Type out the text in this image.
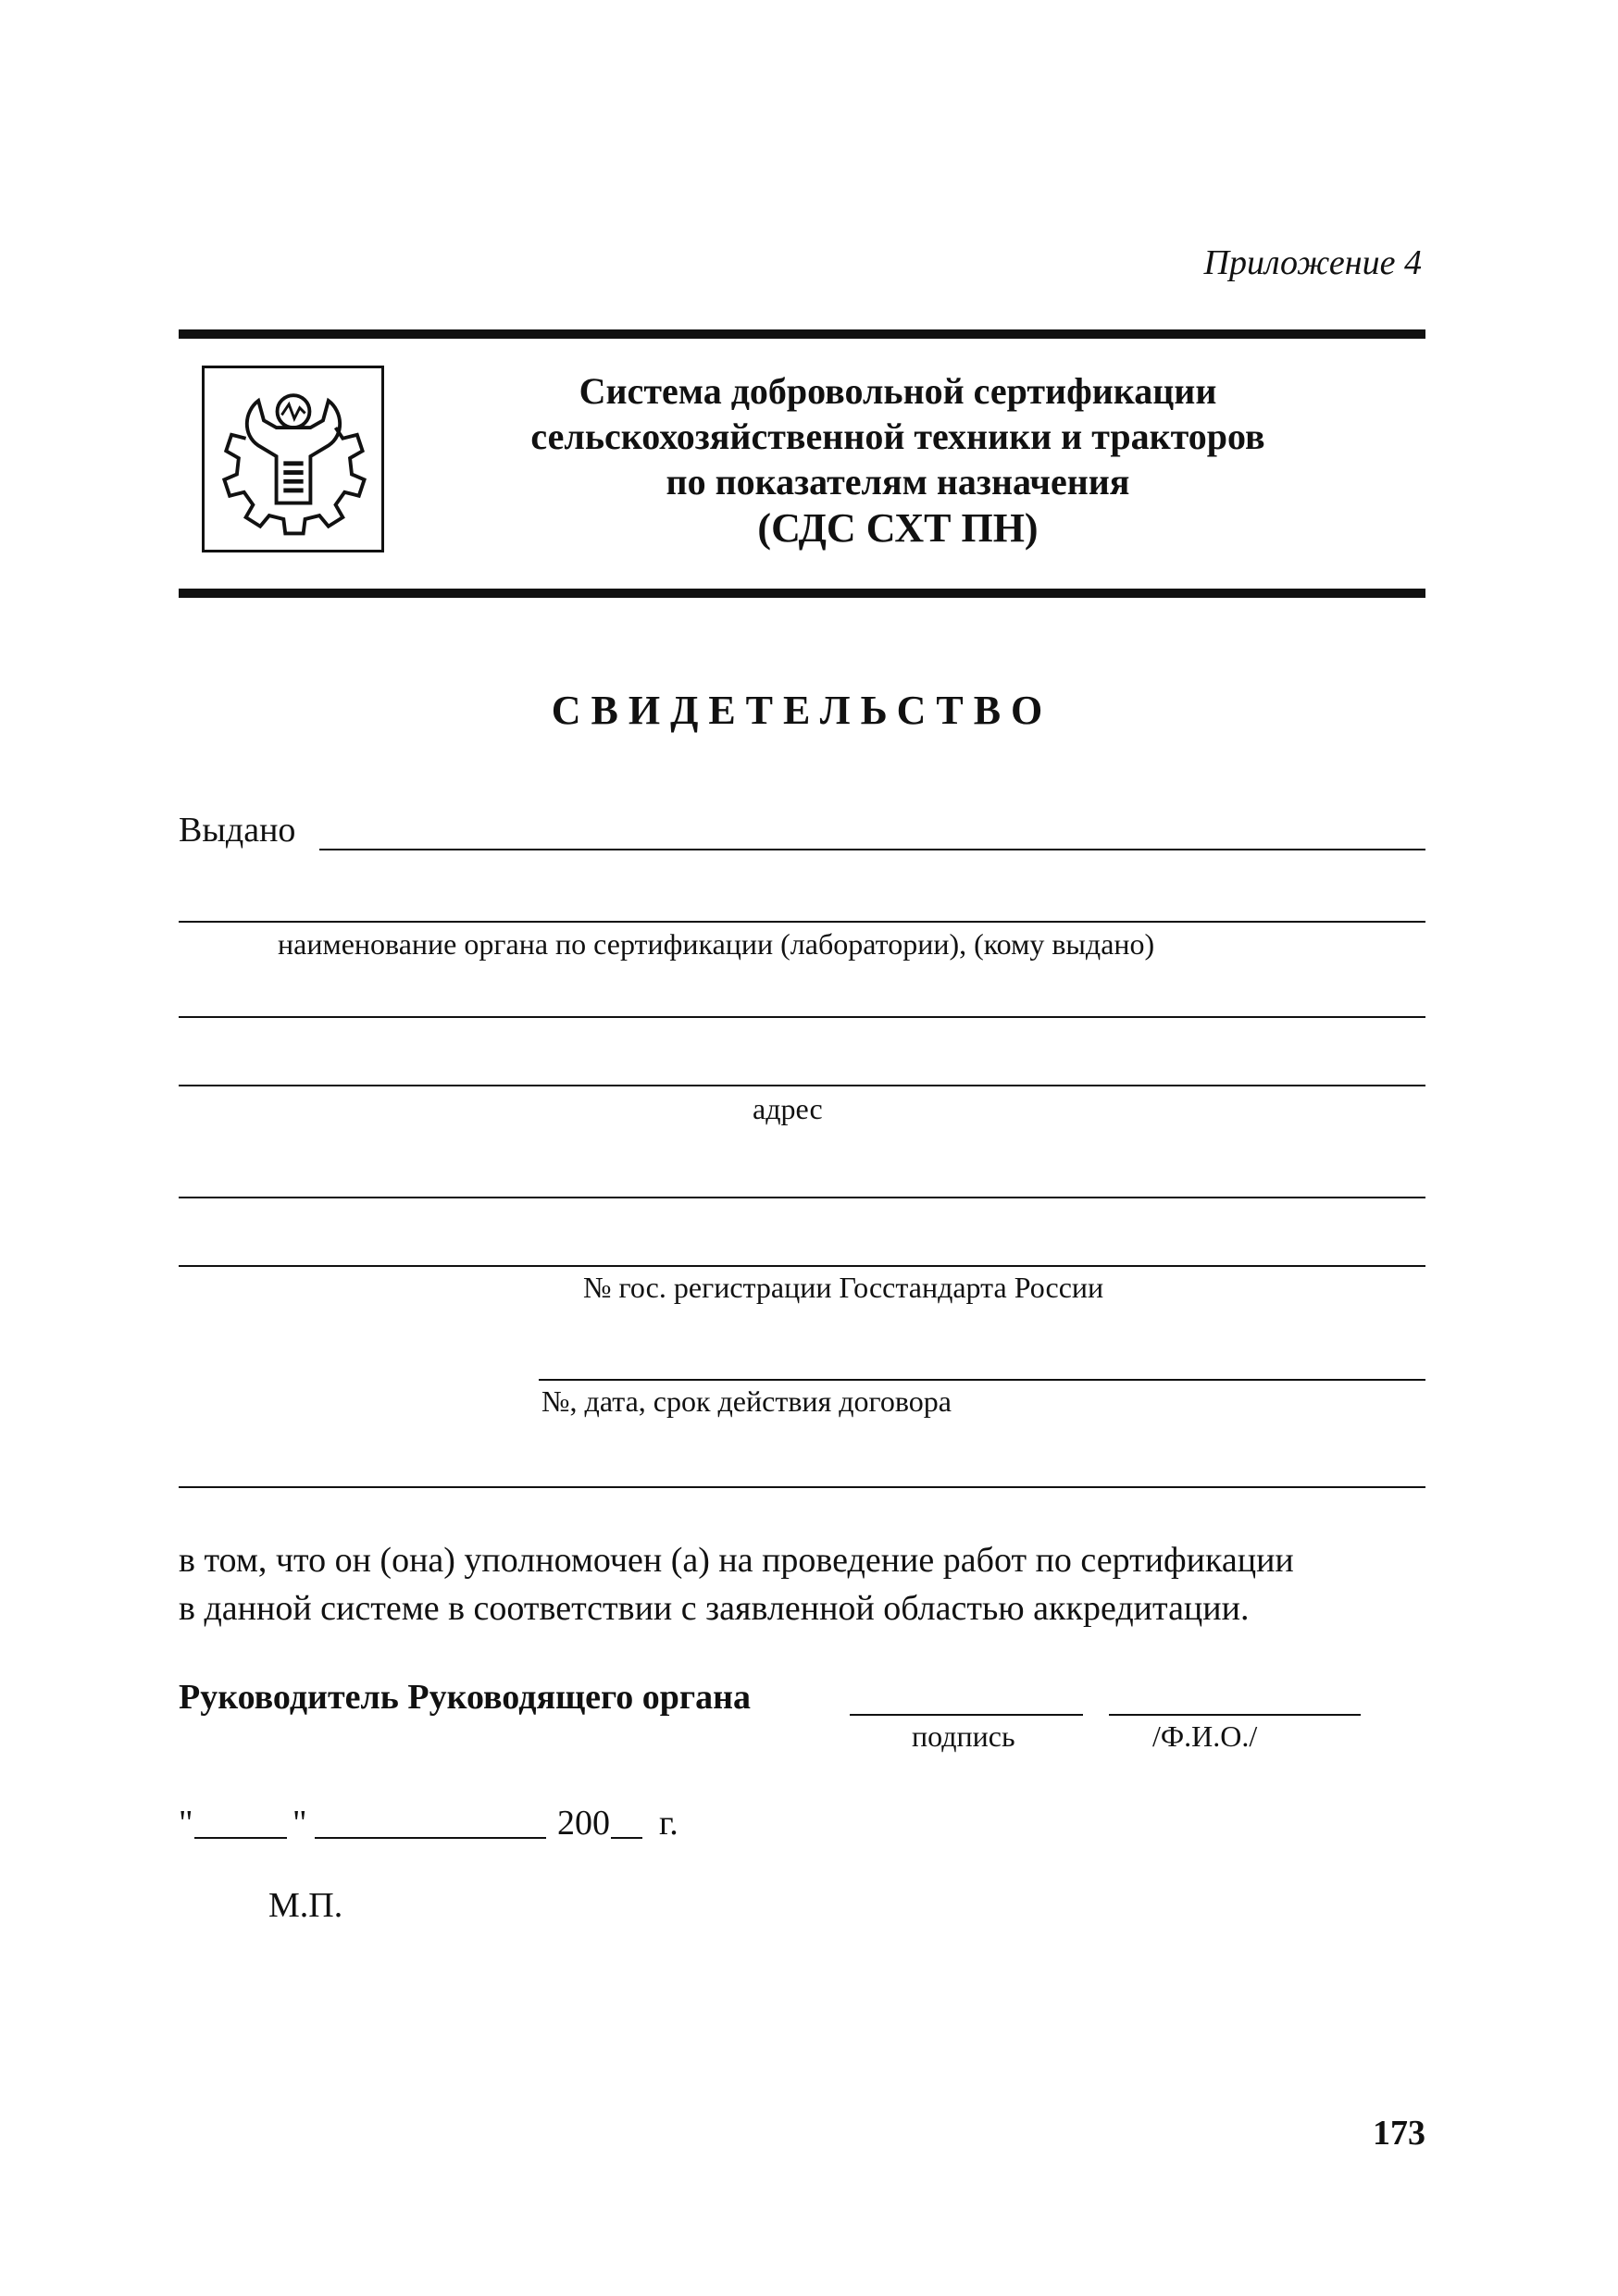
Приложение 4
Система добровольной сертификации
сельскохозяйственной техники и тракторов
по показателям назначения
(СДС СХТ ПН)
СВИДЕТЕЛЬСТВО
Выдано
наименование органа по сертификации (лаборатории), (кому выдано)
адрес
№ гос. регистрации Госстандарта России
№, дата, срок действия договора
в том, что он (она) уполномочен (а) на проведение работ по сертификации
в данной системе в соответствии с заявленной областью аккредитации.
Руководитель Руководящего органа
подпись	/Ф.И.О./
"	"	200 г.
М.П.
173
